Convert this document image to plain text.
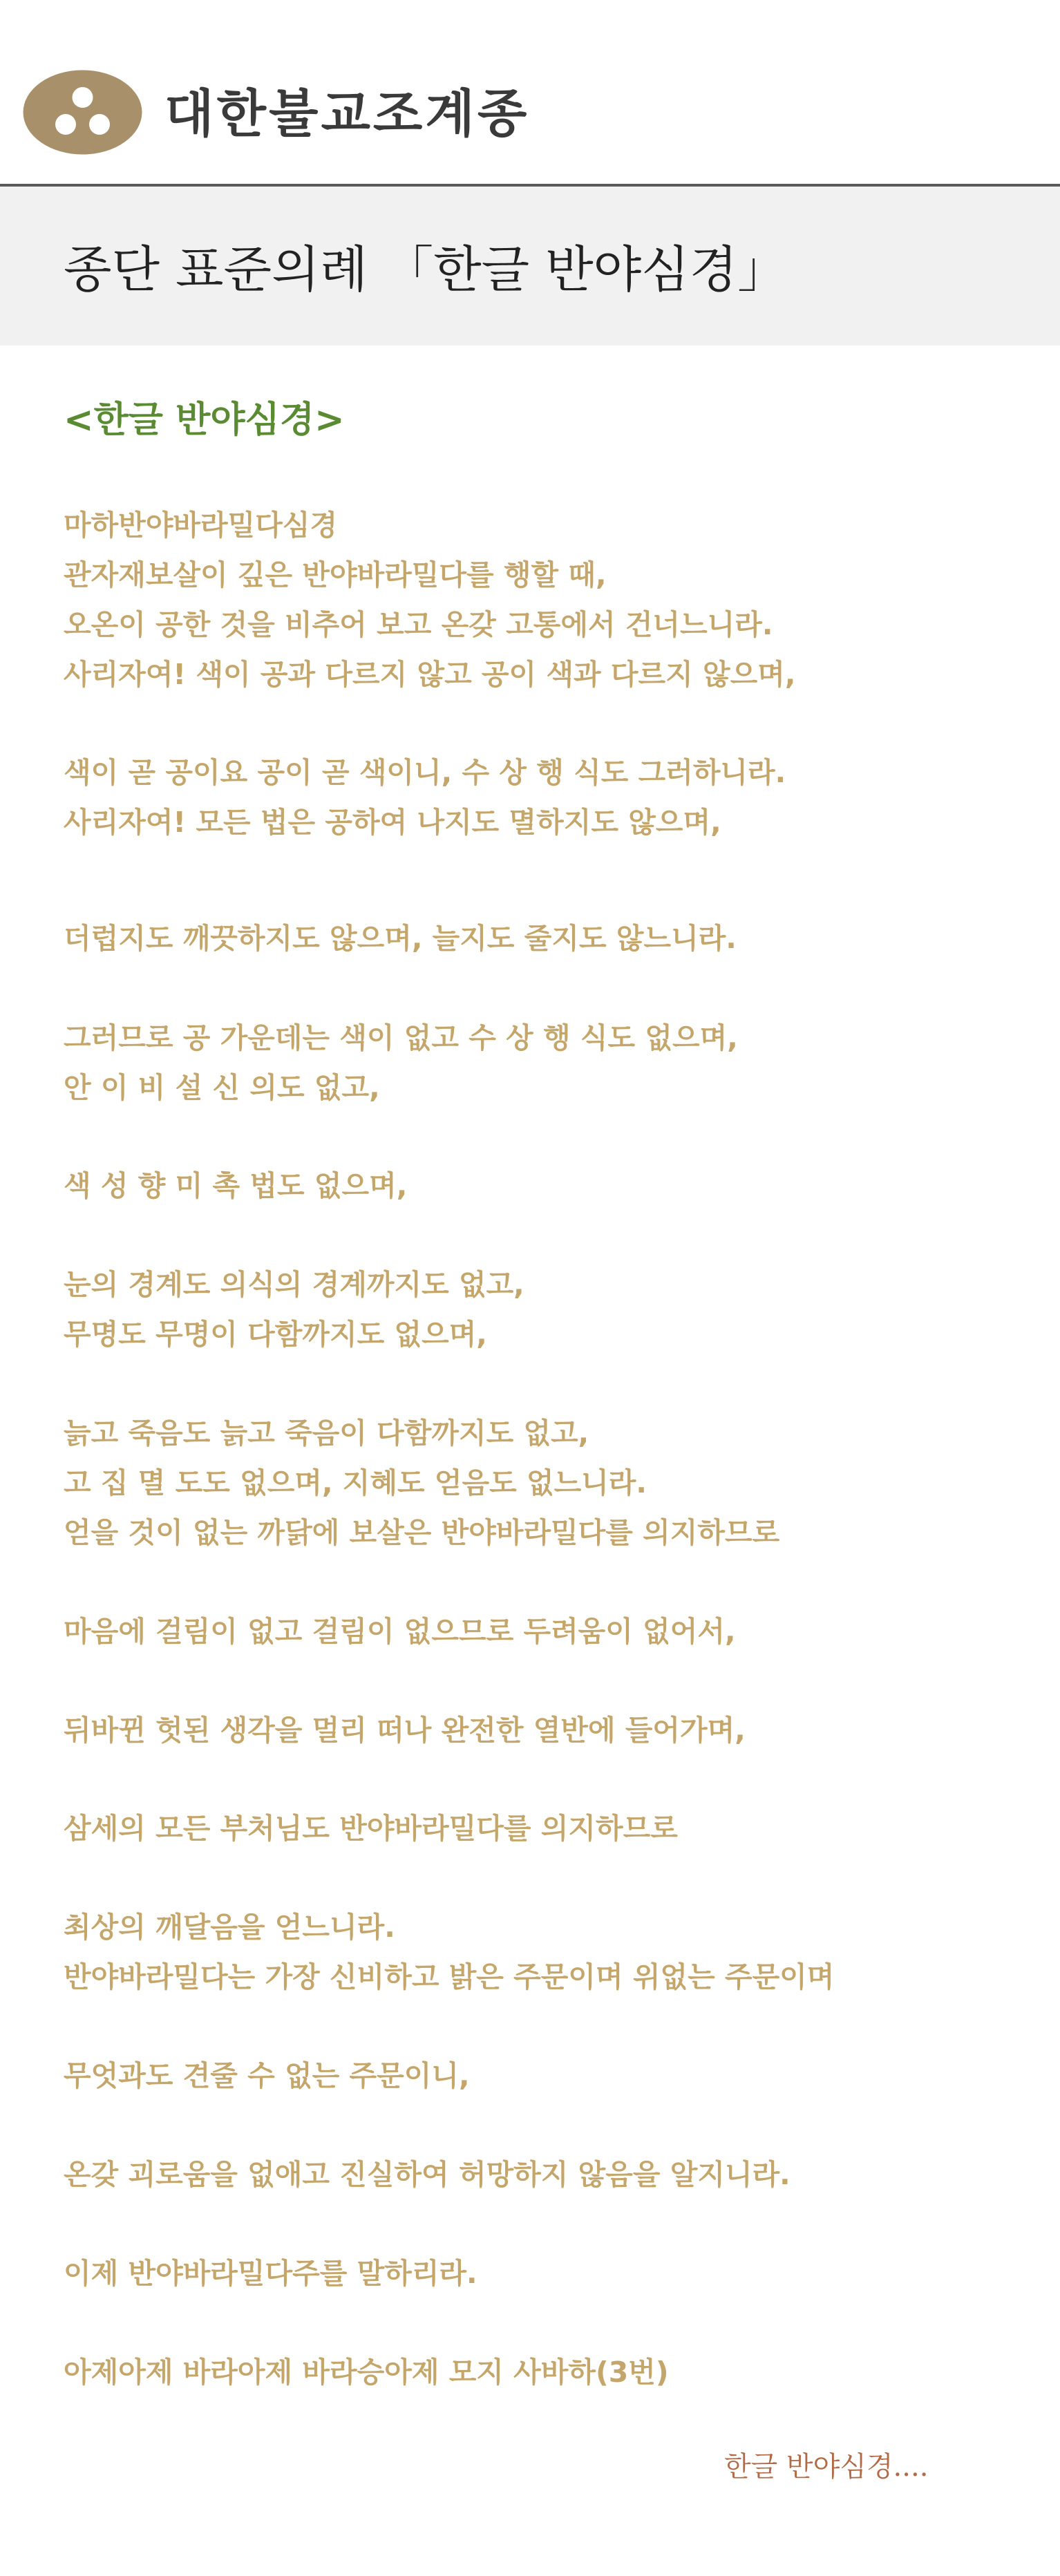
대한불교조계종
종단 표준의례 「한글 반야심경」
<한글 반야심경>
마하반야바라밀다심경
관자재보살이 깊은 반야바라밀다를 행할 때,
오온이 공한 것을 비추어 보고 온갖 고통에서 건너느니라.
사리자여! 색이 공과 다르지 않고 공이 색과 다르지 않으며,
색이 곧 공이요 공이 곧 색이니, 수 상 행 식도 그러하니라.
사리자여! 모든 법은 공하여 나지도 멸하지도 않으며,
더럽지도 깨끗하지도 않으며, 늘지도 줄지도 않느니라.
그러므로 공 가운데는 색이 없고 수 상 행 식도 없으며,
안 이 비 설 신 의도 없고,
색 성 향 미 촉 법도 없으며,
눈의 경계도 의식의 경계까지도 없고,
무명도 무명이 다함까지도 없으며,
늙고 죽음도 늙고 죽음이 다함까지도 없고,
고 집 멸 도도 없으며, 지혜도 얻음도 없느니라.
얻을 것이 없는 까닭에 보살은 반야바라밀다를 의지하므로
마음에 걸림이 없고 걸림이 없으므로 두려움이 없어서,
뒤바뀐 헛된 생각을 멀리 떠나 완전한 열반에 들어가며,
삼세의 모든 부처님도 반야바라밀다를 의지하므로
최상의 깨달음을 얻느니라.
반야바라밀다는 가장 신비하고 밝은 주문이며 위없는 주문이며
무엇과도 견줄 수 없는 주문이니,
온갖 괴로움을 없애고 진실하여 허망하지 않음을 알지니라.
이제 반야바라밀다주를 말하리라.
아제아제 바라아제 바라승아제 모지 사바하(3번)
한글 반야심경....
